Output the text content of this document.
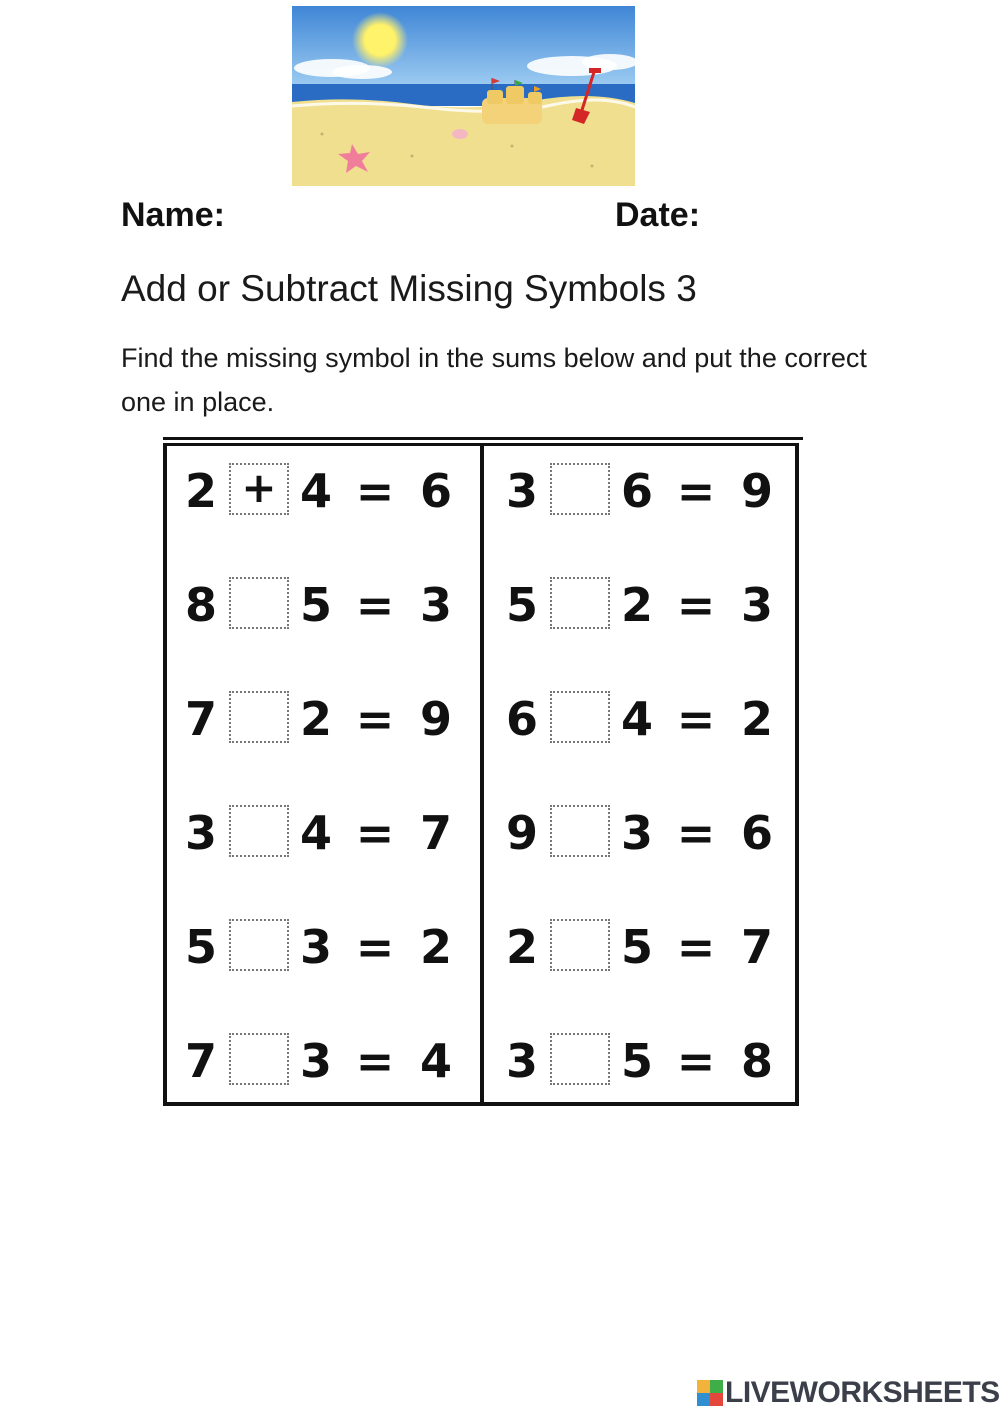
Name:	Date:
Add or Subtract Missing Symbols 3
Find the missing symbol in the sums below and put the correct one in place.
2 + 4 = 6
8 5 = 3
7 2 = 9
3 4 = 7
5 3 = 2
7 3 = 4
3 6 = 9
5 2 = 3
6 4 = 2
9 3 = 6
2 5 = 7
3 5 = 8
LIVEWORKSHEETS
